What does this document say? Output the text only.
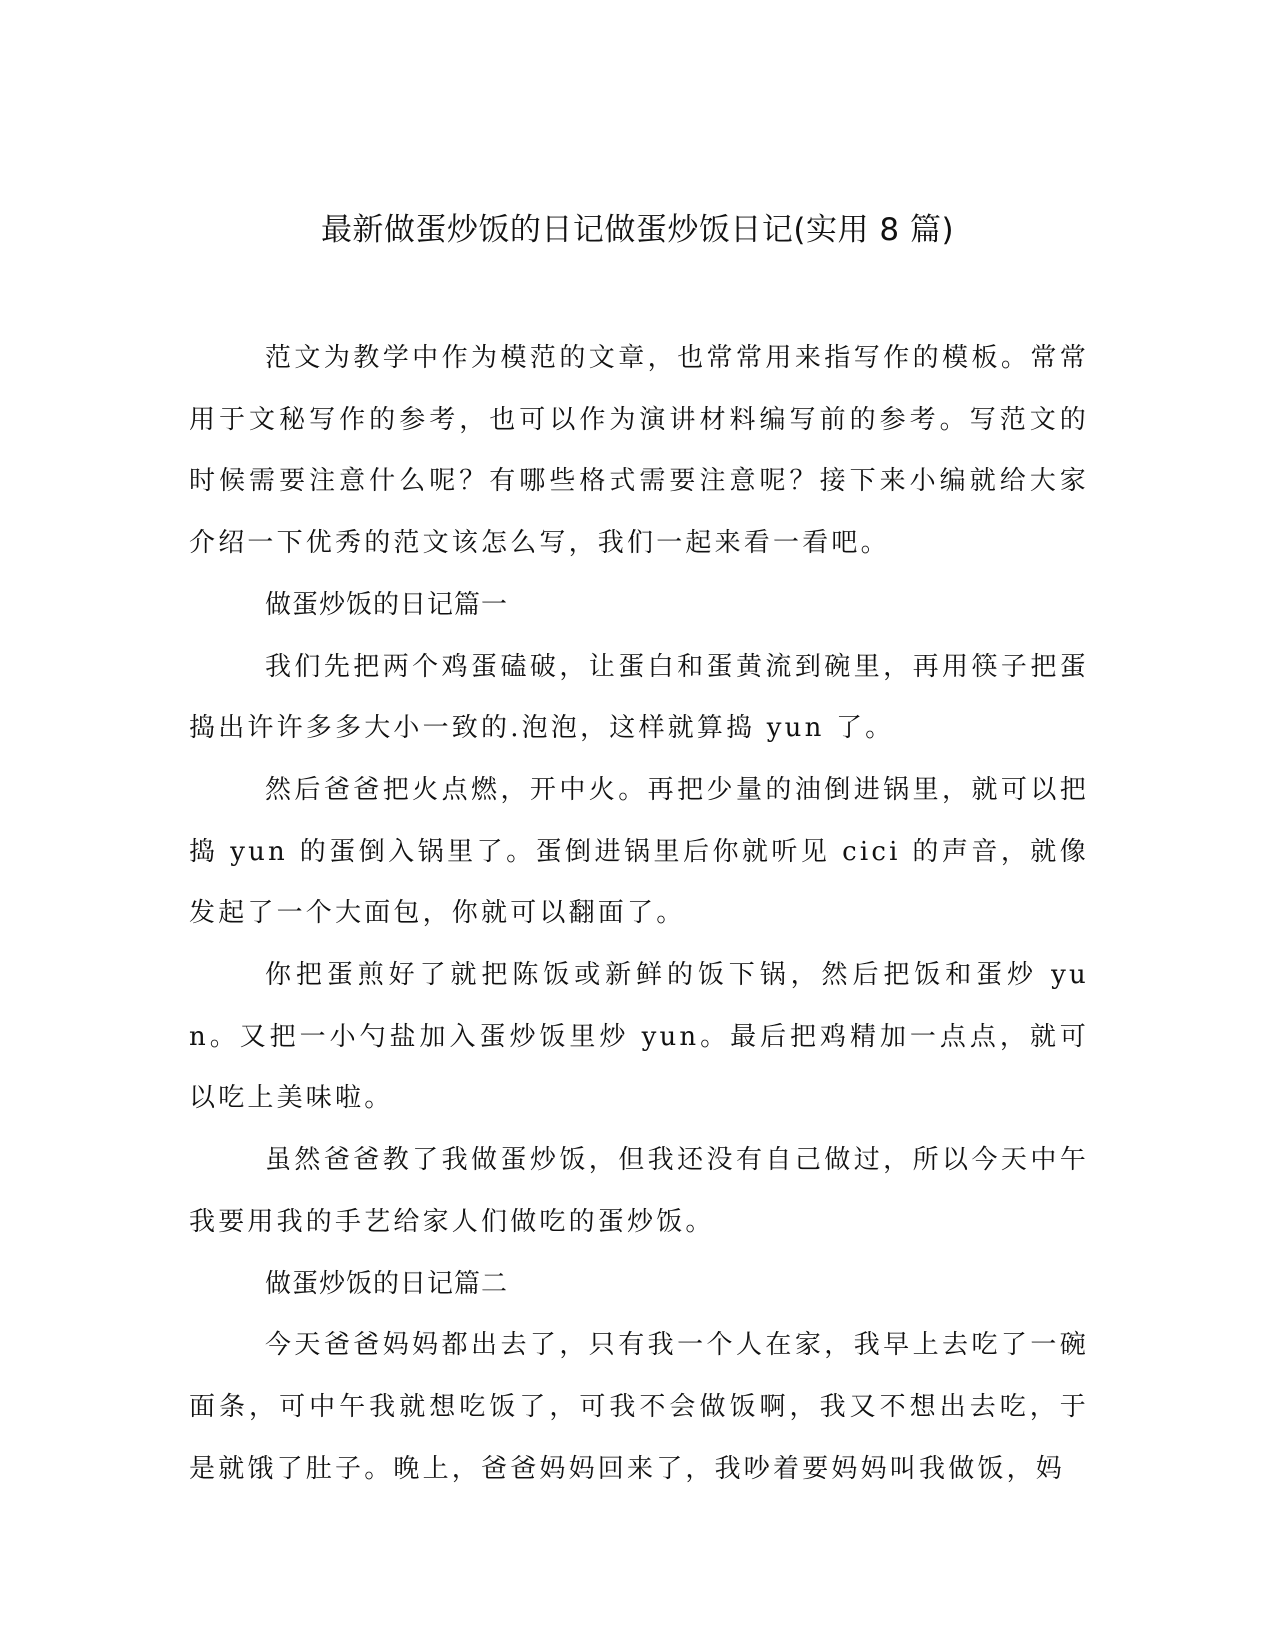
最新做蛋炒饭的日记做蛋炒饭日记(实用 8 篇)

范文为教学中作为模范的文章，也常常用来指写作的模板。常常用于文秘写作的参考，也可以作为演讲材料编写前的参考。写范文的时候需要注意什么呢？有哪些格式需要注意呢？接下来小编就给大家介绍一下优秀的范文该怎么写，我们一起来看一看吧。

做蛋炒饭的日记篇一

我们先把两个鸡蛋磕破，让蛋白和蛋黄流到碗里，再用筷子把蛋捣出许许多多大小一致的.泡泡，这样就算捣 yun 了。

然后爸爸把火点燃，开中火。再把少量的油倒进锅里，就可以把捣 yun 的蛋倒入锅里了。蛋倒进锅里后你就听见 cici 的声音，就像发起了一个大面包，你就可以翻面了。

你把蛋煎好了就把陈饭或新鲜的饭下锅，然后把饭和蛋炒 yun。又把一小勺盐加入蛋炒饭里炒 yun。最后把鸡精加一点点，就可以吃上美味啦。

虽然爸爸教了我做蛋炒饭，但我还没有自己做过，所以今天中午我要用我的手艺给家人们做吃的蛋炒饭。

做蛋炒饭的日记篇二

今天爸爸妈妈都出去了，只有我一个人在家，我早上去吃了一碗面条，可中午我就想吃饭了，可我不会做饭啊，我又不想出去吃，于是就饿了肚子。晚上，爸爸妈妈回来了，我吵着要妈妈叫我做饭，妈
